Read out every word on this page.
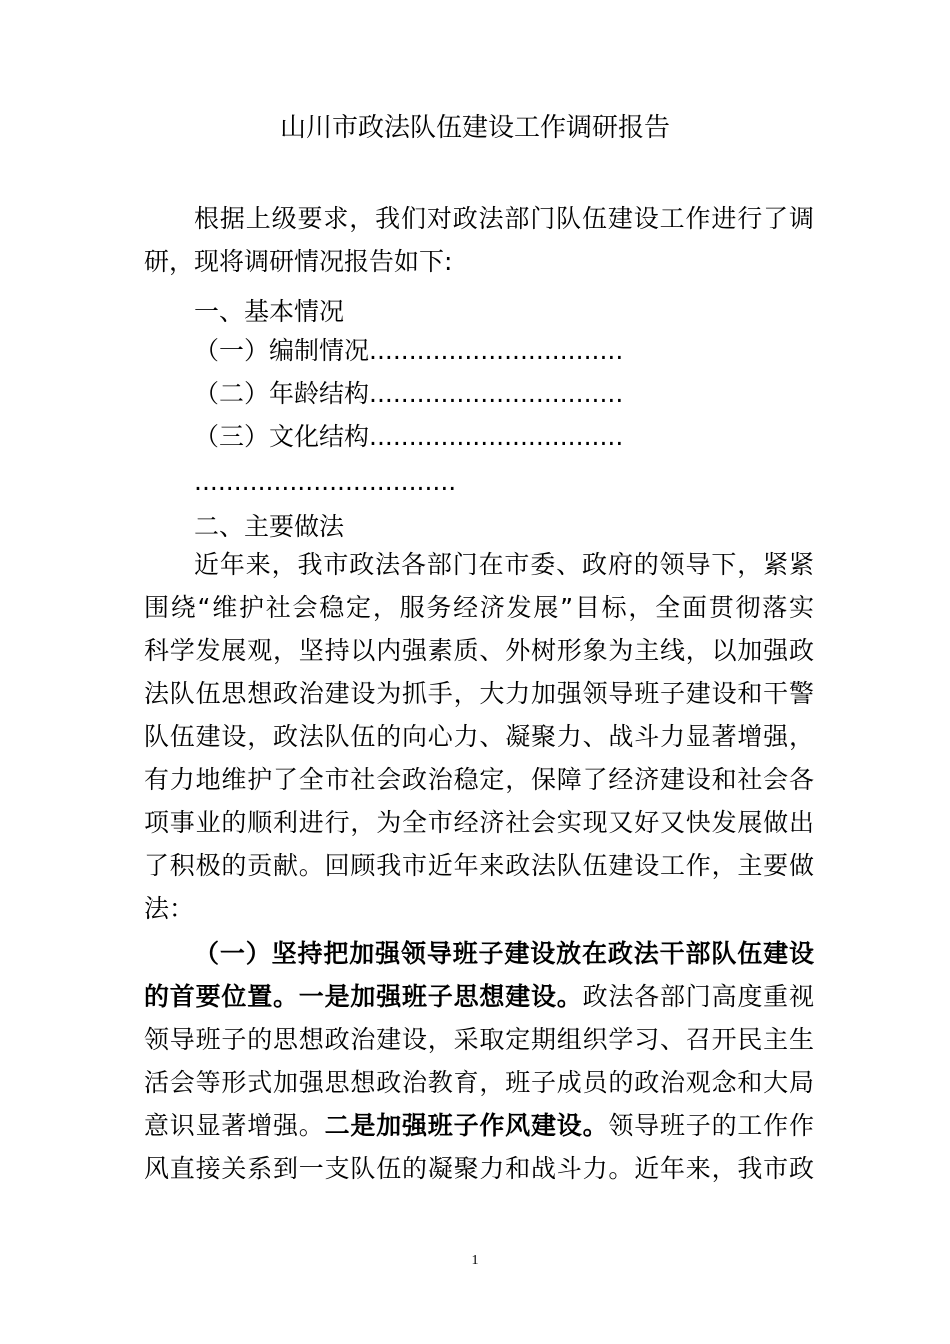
山川市政法队伍建设工作调研报告
根据上级要求，我们对政法部门队伍建设工作进行了调
研，现将调研情况报告如下:
一、基本情况
（一）编制情况................................
（二）年龄结构................................
（三）文化结构................................
.................................
二、主要做法
近年来，我市政法各部门在市委、政府的领导下，紧紧
围绕“维护社会稳定，服务经济发展”目标，全面贯彻落实
科学发展观，坚持以内强素质、外树形象为主线，以加强政
法队伍思想政治建设为抓手，大力加强领导班子建设和干警
队伍建设，政法队伍的向心力、凝聚力、战斗力显著增强，
有力地维护了全市社会政治稳定，保障了经济建设和社会各
项事业的顺利进行，为全市经济社会实现又好又快发展做出
了积极的贡献。回顾我市近年来政法队伍建设工作，主要做
法：
（一）坚持把加强领导班子建设放在政法干部队伍建设
的首要位置。一是加强班子思想建设。政法各部门高度重视
领导班子的思想政治建设，采取定期组织学习、召开民主生
活会等形式加强思想政治教育，班子成员的政治观念和大局
意识显著增强。二是加强班子作风建设。领导班子的工作作
风直接关系到一支队伍的凝聚力和战斗力。近年来，我市政
1
